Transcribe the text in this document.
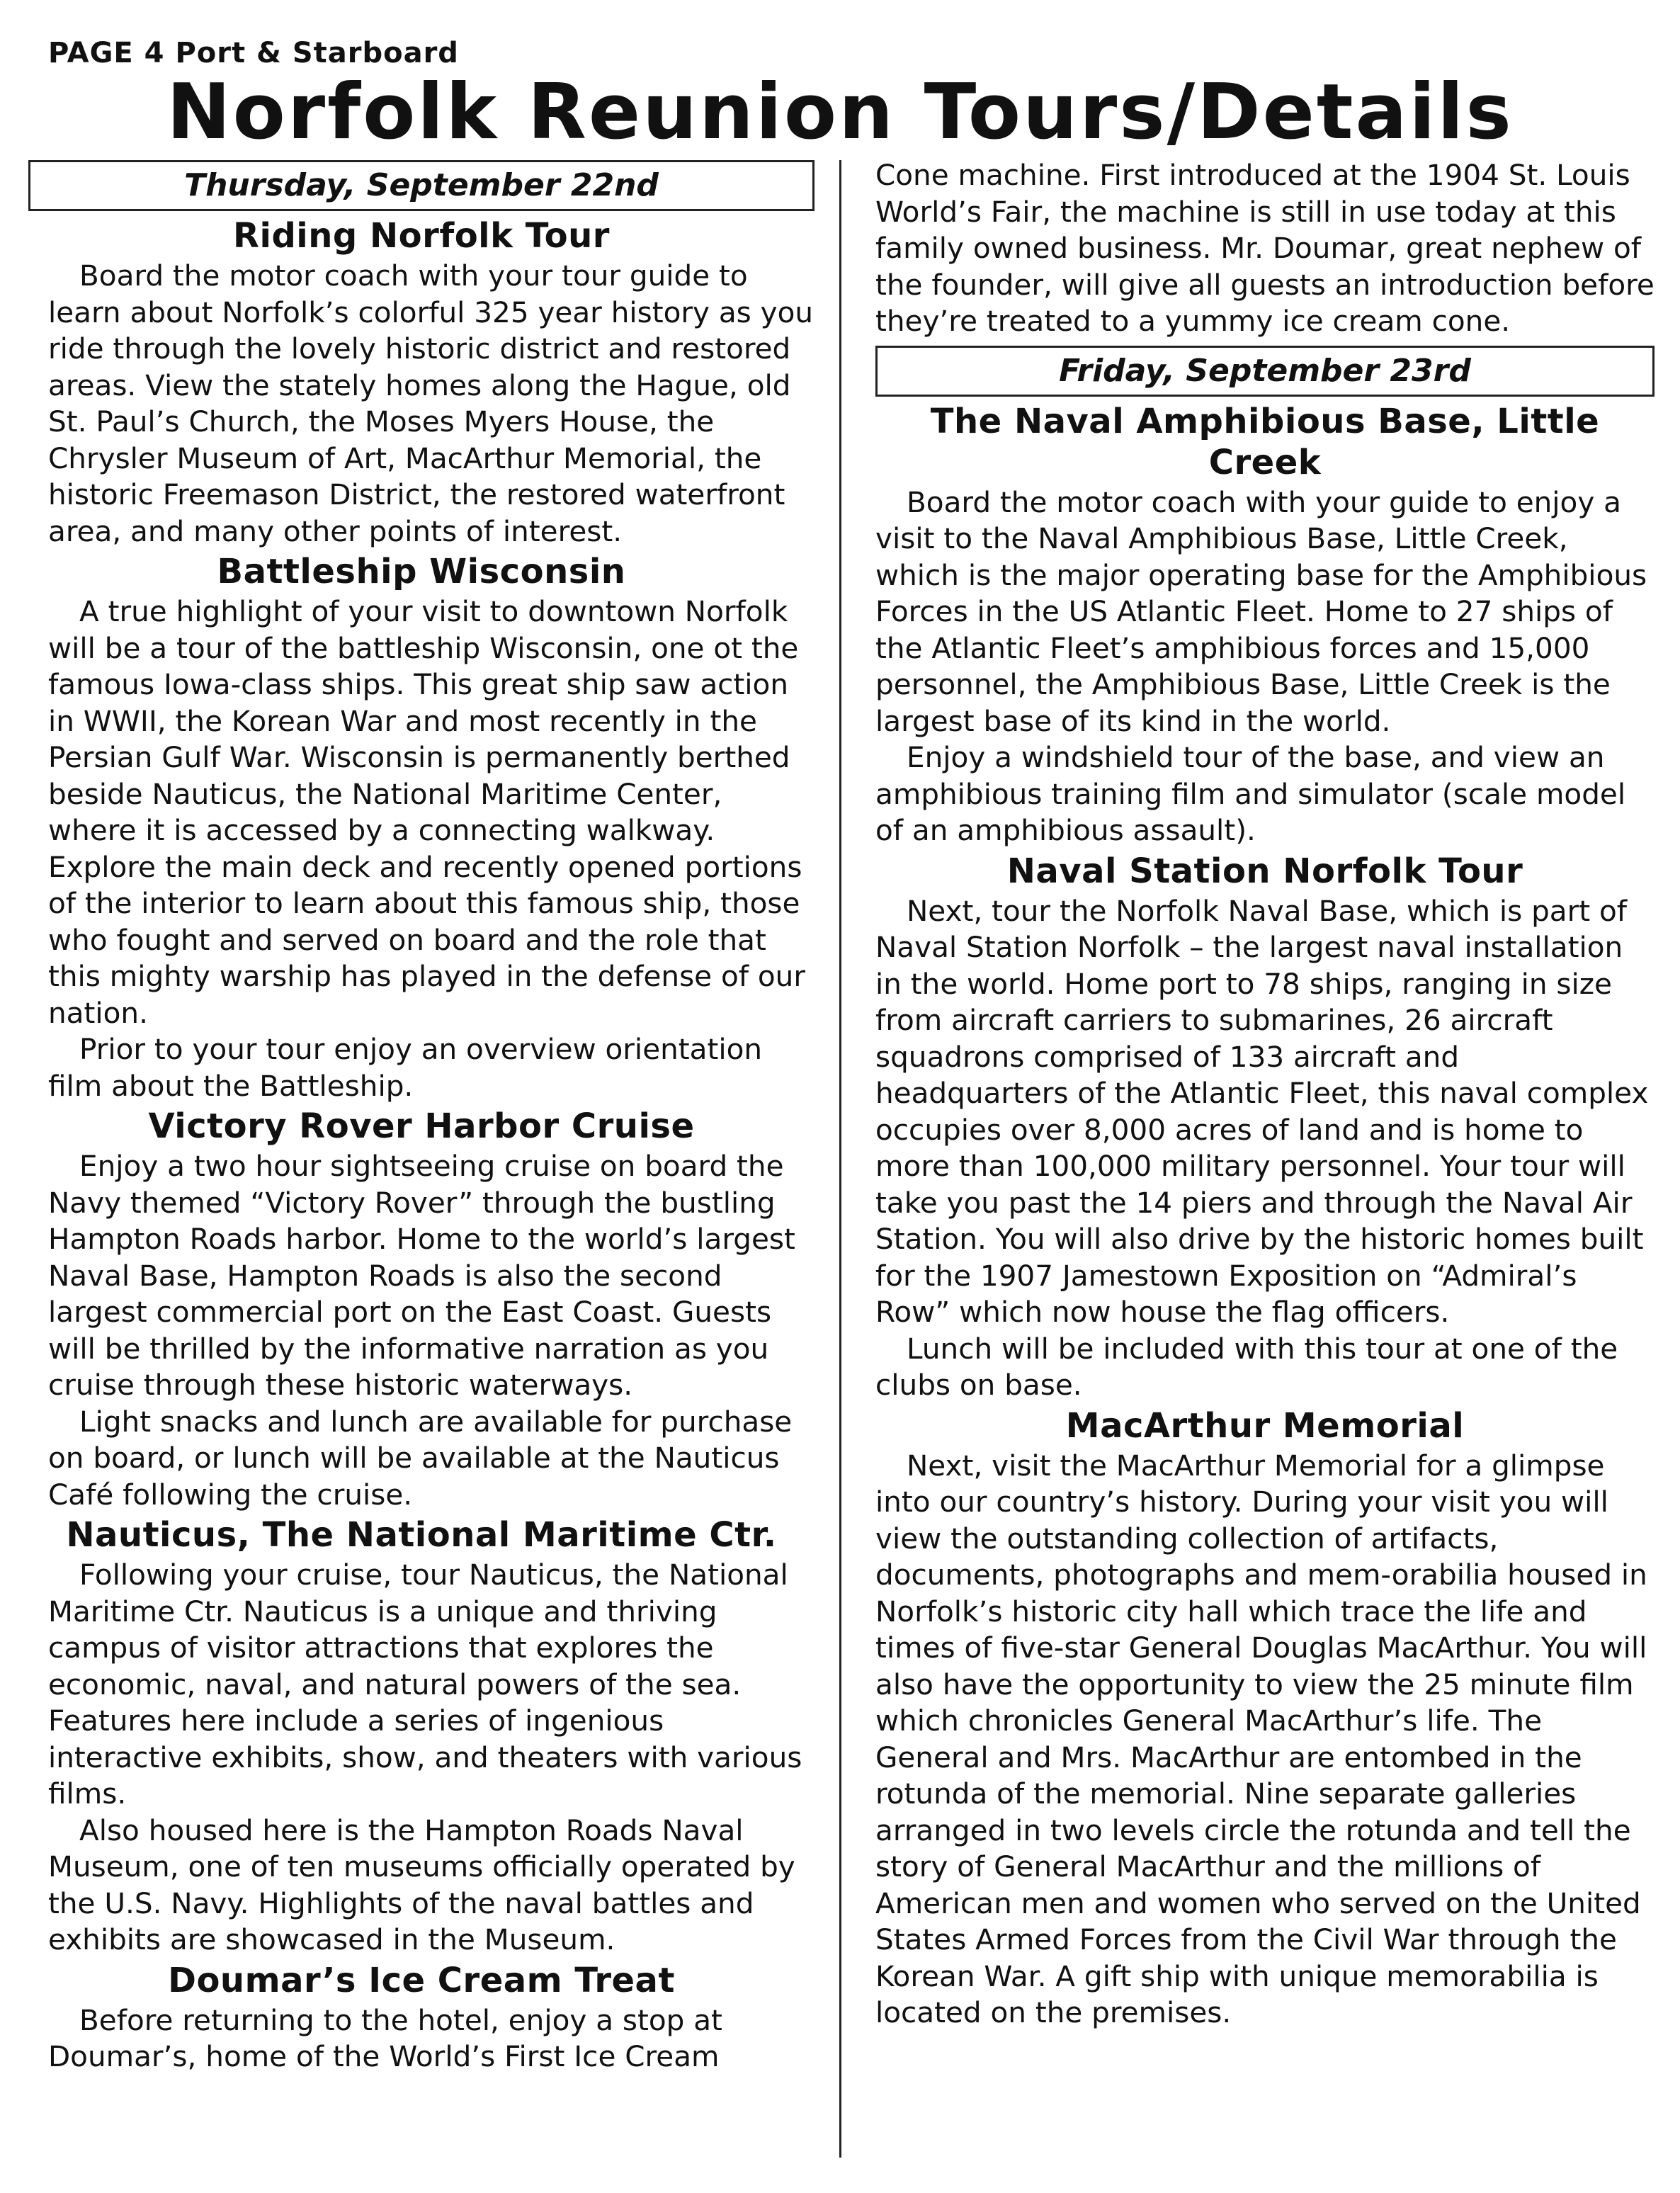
PAGE 4 Port & Starboard
Norfolk Reunion Tours/Details
Thursday, September 22nd
Riding Norfolk Tour

Board the motor coach with your tour guide to learn about Norfolk’s colorful 325 year history as you ride through the lovely historic district and restored areas. View the stately homes along the Hague, old St. Paul’s Church, the Moses Myers House, the Chrysler Museum of Art, MacArthur Memorial, the historic Freemason District, the restored waterfront area, and many other points of interest.

Battleship Wisconsin

A true highlight of your visit to downtown Norfolk will be a tour of the battleship Wisconsin, one ot the famous Iowa-class ships. This great ship saw action in WWII, the Korean War and most recently in the Persian Gulf War. Wisconsin is permanently berthed beside Nauticus, the National Maritime Center, where it is accessed by a connecting walkway. Explore the main deck and recently opened portions of the interior to learn about this famous ship, those who fought and served on board and the role that this mighty warship has played in the defense of our nation.

Prior to your tour enjoy an overview orientation film about the Battleship.

Victory Rover Harbor Cruise

Enjoy a two hour sightseeing cruise on board the Navy themed “Victory Rover” through the bustling Hampton Roads harbor. Home to the world’s largest Naval Base, Hampton Roads is also the second largest commercial port on the East Coast. Guests will be thrilled by the informative narration as you cruise through these historic waterways.

Light snacks and lunch are available for purchase on board, or lunch will be available at the Nauticus Café following the cruise.

Nauticus, The National Maritime Ctr.

Following your cruise, tour Nauticus, the National Maritime Ctr. Nauticus is a unique and thriving campus of visitor attractions that explores the economic, naval, and natural powers of the sea. Features here include a series of ingenious interactive exhibits, show, and theaters with various films.

Also housed here is the Hampton Roads Naval Museum, one of ten museums officially operated by the U.S. Navy. Highlights of the naval battles and exhibits are showcased in the Museum.

Doumar’s Ice Cream Treat

Before returning to the hotel, enjoy a stop at Doumar’s, home of the World’s First Ice Cream

Cone machine. First introduced at the 1904 St. Louis World’s Fair, the machine is still in use today at this family owned business. Mr. Doumar, great nephew of the founder, will give all guests an introduction before they’re treated to a yummy ice cream cone.

Friday, September 23rd
The Naval Amphibious Base, Little Creek

Board the motor coach with your guide to enjoy a visit to the Naval Amphibious Base, Little Creek, which is the major operating base for the Amphibious Forces in the US Atlantic Fleet. Home to 27 ships of the Atlantic Fleet’s amphibious forces and 15,000 personnel, the Amphibious Base, Little Creek is the largest base of its kind in the world.

Enjoy a windshield tour of the base, and view an amphibious training film and simulator (scale model of an amphibious assault).

Naval Station Norfolk Tour

Next, tour the Norfolk Naval Base, which is part of Naval Station Norfolk – the largest naval installation in the world. Home port to 78 ships, ranging in size from aircraft carriers to submarines, 26 aircraft squadrons comprised of 133 aircraft and headquarters of the Atlantic Fleet, this naval complex occupies over 8,000 acres of land and is home to more than 100,000 military personnel. Your tour will take you past the 14 piers and through the Naval Air Station. You will also drive by the historic homes built for the 1907 Jamestown Exposition on “Admiral’s Row” which now house the flag officers.

Lunch will be included with this tour at one of the clubs on base.

MacArthur Memorial

Next, visit the MacArthur Memorial for a glimpse into our country’s history. During your visit you will view the outstanding collection of artifacts, documents, photographs and mem-orabilia housed in Norfolk’s historic city hall which trace the life and times of five-star General Douglas MacArthur. You will also have the opportunity to view the 25 minute film which chronicles General MacArthur’s life. The General and Mrs. MacArthur are entombed in the rotunda of the memorial. Nine separate galleries arranged in two levels circle the rotunda and tell the story of General MacArthur and the millions of American men and women who served on the United States Armed Forces from the Civil War through the Korean War. A gift ship with unique memorabilia is located on the premises.
